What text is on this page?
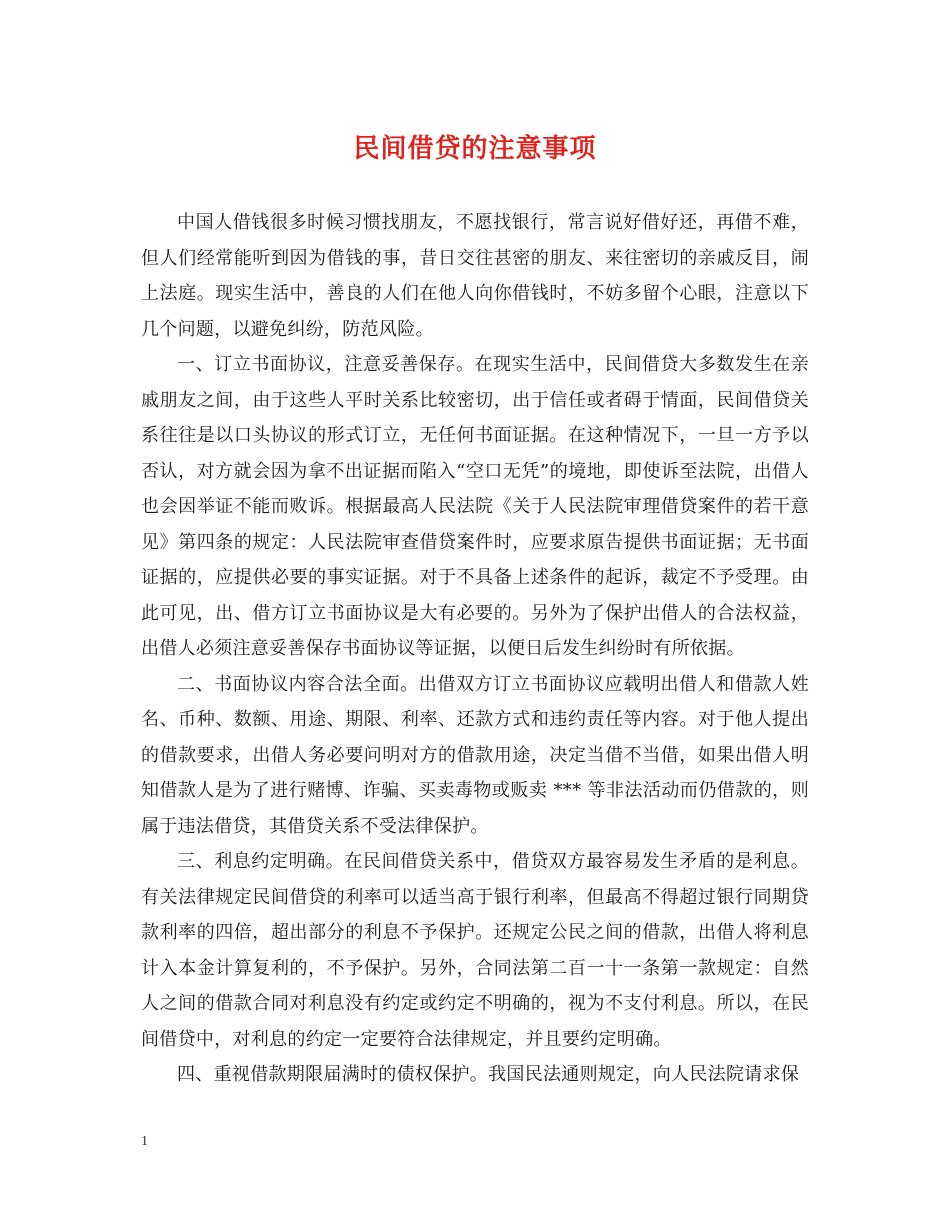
民间借贷的注意事项

中国人借钱很多时候习惯找朋友，不愿找银行，常言说好借好还，再借不难，但人们经常能听到因为借钱的事，昔日交往甚密的朋友、来往密切的亲戚反目，闹上法庭。现实生活中，善良的人们在他人向你借钱时，不妨多留个心眼，注意以下几个问题，以避免纠纷，防范风险。

一、订立书面协议，注意妥善保存。在现实生活中，民间借贷大多数发生在亲戚朋友之间，由于这些人平时关系比较密切，出于信任或者碍于情面，民间借贷关系往往是以口头协议的形式订立，无任何书面证据。在这种情况下，一旦一方予以否认，对方就会因为拿不出证据而陷入“空口无凭”的境地，即使诉至法院，出借人也会因举证不能而败诉。根据最高人民法院《关于人民法院审理借贷案件的若干意见》第四条的规定：人民法院审查借贷案件时，应要求原告提供书面证据；无书面证据的，应提供必要的事实证据。对于不具备上述条件的起诉，裁定不予受理。由此可见，出、借方订立书面协议是大有必要的。另外为了保护出借人的合法权益，出借人必须注意妥善保存书面协议等证据，以便日后发生纠纷时有所依据。

二、书面协议内容合法全面。出借双方订立书面协议应载明出借人和借款人姓名、币种、数额、用途、期限、利率、还款方式和违约责任等内容。对于他人提出的借款要求，出借人务必要问明对方的借款用途，决定当借不当借，如果出借人明知借款人是为了进行赌博、诈骗、买卖毒物或贩卖 *** 等非法活动而仍借款的，则属于违法借贷，其借贷关系不受法律保护。

三、利息约定明确。在民间借贷关系中，借贷双方最容易发生矛盾的是利息。有关法律规定民间借贷的利率可以适当高于银行利率，但最高不得超过银行同期贷款利率的四倍，超出部分的利息不予保护。还规定公民之间的借款，出借人将利息计入本金计算复利的，不予保护。另外，合同法第二百一十一条第一款规定：自然人之间的借款合同对利息没有约定或约定不明确的，视为不支付利息。所以，在民间借贷中，对利息的约定一定要符合法律规定，并且要约定明确。

四、重视借款期限届满时的债权保护。我国民法通则规定，向人民法院请求保

1
